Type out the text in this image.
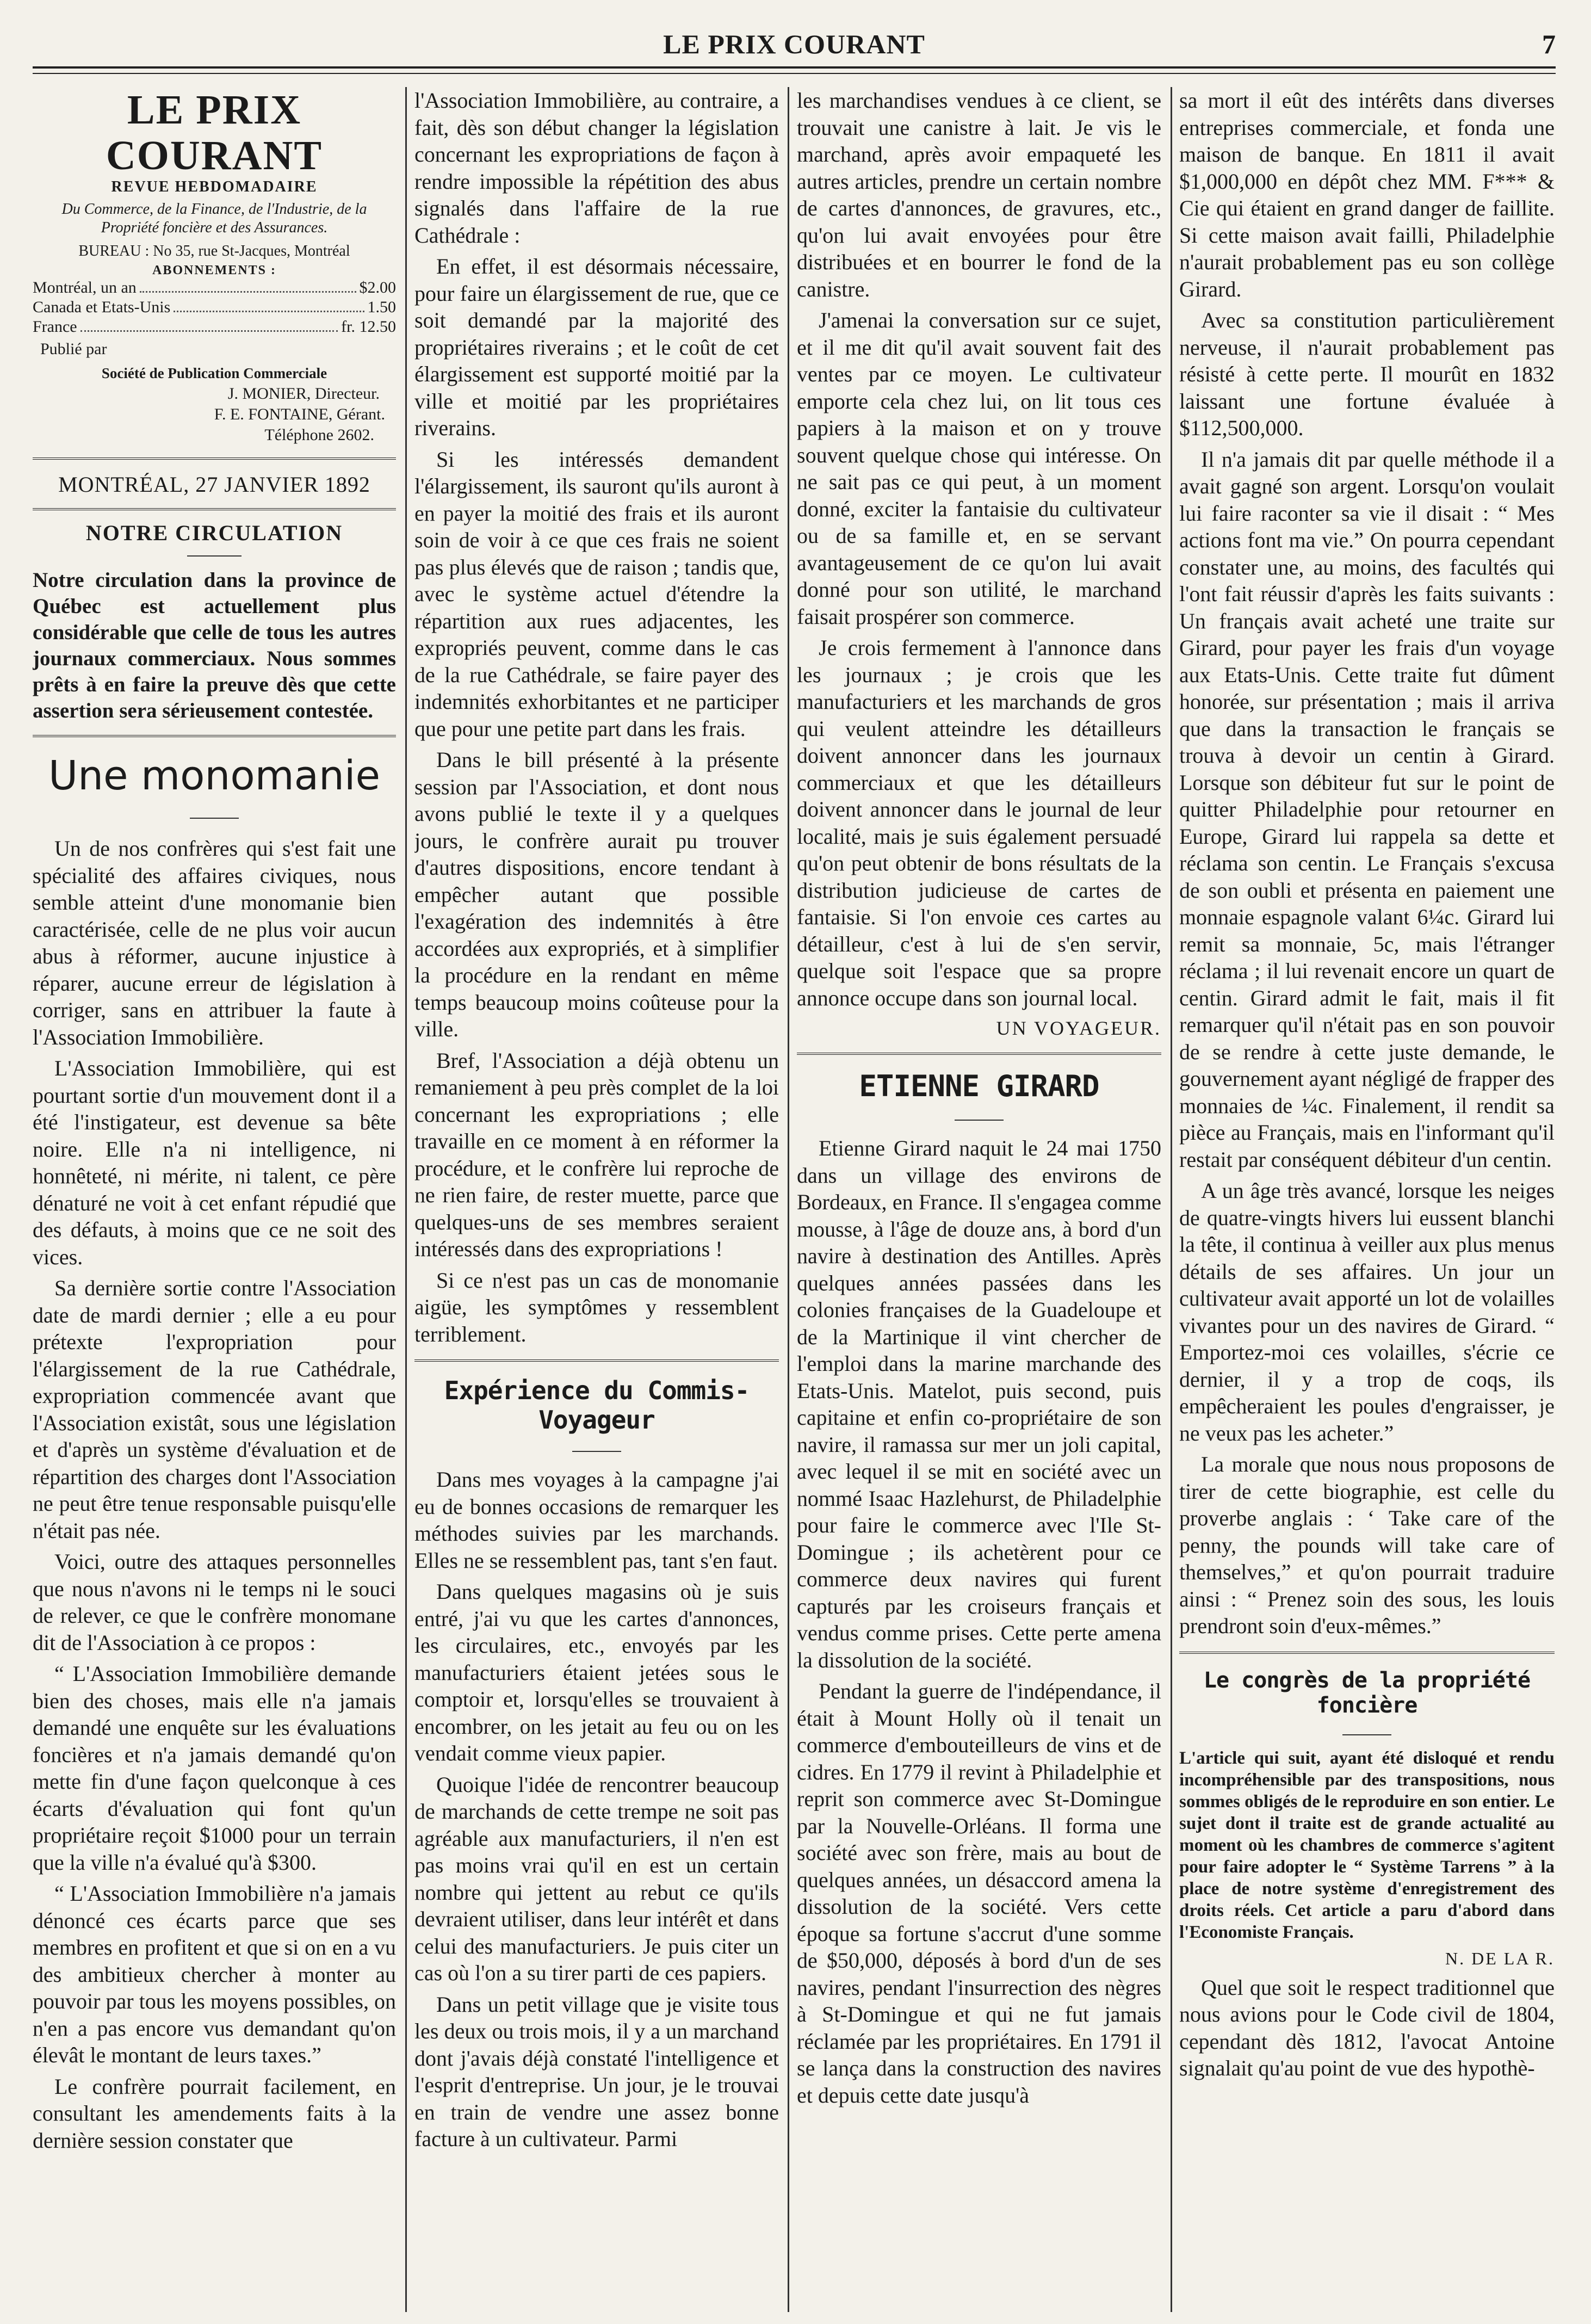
LE PRIX COURANT	7
LE PRIX COURANT
REVUE HEBDOMADAIRE
Du Commerce, de la Finance, de l'Industrie, de la Propriété foncière et des Assurances.
BUREAU : No 35, rue St-Jacques, Montréal
ABONNEMENTS :
Montréal, un an	$2.00
Canada et Etats-Unis	1.50
France	fr. 12.50
Publié par
Société de Publication Commerciale
J. MONIER, Directeur.
F. E. FONTAINE, Gérant.
Téléphone 2602.
MONTRÉAL, 27 JANVIER 1892
NOTRE CIRCULATION
Notre circulation dans la province de Québec est actuellement plus considérable que celle de tous les autres journaux commerciaux. Nous sommes prêts à en faire la preuve dès que cette assertion sera sérieusement contestée.
Une monomanie

Un de nos confrères qui s'est fait une spécialité des affaires civiques, nous semble atteint d'une monomanie bien caractérisée, celle de ne plus voir aucun abus à réformer, aucune injustice à réparer, aucune erreur de législation à corriger, sans en attribuer la faute à l'Association Immobilière.

L'Association Immobilière, qui est pourtant sortie d'un mouvement dont il a été l'instigateur, est devenue sa bête noire. Elle n'a ni intelligence, ni honnêteté, ni mérite, ni talent, ce père dénaturé ne voit à cet enfant répudié que des défauts, à moins que ce ne soit des vices.

Sa dernière sortie contre l'Association date de mardi dernier ; elle a eu pour prétexte l'expropriation pour l'élargissement de la rue Cathédrale, expropriation commencée avant que l'Association existât, sous une législation et d'après un système d'évaluation et de répartition des charges dont l'Association ne peut être tenue responsable puisqu'elle n'était pas née.

Voici, outre des attaques personnelles que nous n'avons ni le temps ni le souci de relever, ce que le confrère monomane dit de l'Association à ce propos :

“ L'Association Immobilière demande bien des choses, mais elle n'a jamais demandé une enquête sur les évaluations foncières et n'a jamais demandé qu'on mette fin d'une façon quelconque à ces écarts d'évaluation qui font qu'un propriétaire reçoit $1000 pour un terrain que la ville n'a évalué qu'à $300.

“ L'Association Immobilière n'a jamais dénoncé ces écarts parce que ses membres en profitent et que si on en a vu des ambitieux chercher à monter au pouvoir par tous les moyens possibles, on n'en a pas encore vus demandant qu'on élevât le montant de leurs taxes.”

Le confrère pourrait facilement, en consultant les amendements faits à la dernière session constater que

l'Association Immobilière, au contraire, a fait, dès son début changer la législation concernant les expropriations de façon à rendre impossible la répétition des abus signalés dans l'affaire de la rue Cathédrale :

En effet, il est désormais nécessaire, pour faire un élargissement de rue, que ce soit demandé par la majorité des propriétaires riverains ; et le coût de cet élargissement est supporté moitié par la ville et moitié par les propriétaires riverains.

Si les intéressés demandent l'élargissement, ils sauront qu'ils auront à en payer la moitié des frais et ils auront soin de voir à ce que ces frais ne soient pas plus élevés que de raison ; tandis que, avec le système actuel d'étendre la répartition aux rues adjacentes, les expropriés peuvent, comme dans le cas de la rue Cathédrale, se faire payer des indemnités exhorbitantes et ne participer que pour une petite part dans les frais.

Dans le bill présenté à la présente session par l'Association, et dont nous avons publié le texte il y a quelques jours, le confrère aurait pu trouver d'autres dispositions, encore tendant à empêcher autant que possible l'exagération des indemnités à être accordées aux expropriés, et à simplifier la procédure en la rendant en même temps beaucoup moins coûteuse pour la ville.

Bref, l'Association a déjà obtenu un remaniement à peu près complet de la loi concernant les expropriations ; elle travaille en ce moment à en réformer la procédure, et le confrère lui reproche de ne rien faire, de rester muette, parce que quelques-uns de ses membres seraient intéressés dans des expropriations !

Si ce n'est pas un cas de monomanie aigüe, les symptômes y ressemblent terriblement.

Expérience du Commis-Voyageur

Dans mes voyages à la campagne j'ai eu de bonnes occasions de remarquer les méthodes suivies par les marchands. Elles ne se ressemblent pas, tant s'en faut.

Dans quelques magasins où je suis entré, j'ai vu que les cartes d'annonces, les circulaires, etc., envoyés par les manufacturiers étaient jetées sous le comptoir et, lorsqu'elles se trouvaient à encombrer, on les jetait au feu ou on les vendait comme vieux papier.

Quoique l'idée de rencontrer beaucoup de marchands de cette trempe ne soit pas agréable aux manufacturiers, il n'en est pas moins vrai qu'il en est un certain nombre qui jettent au rebut ce qu'ils devraient utiliser, dans leur intérêt et dans celui des manufacturiers. Je puis citer un cas où l'on a su tirer parti de ces papiers.

Dans un petit village que je visite tous les deux ou trois mois, il y a un marchand dont j'avais déjà constaté l'intelligence et l'esprit d'entreprise. Un jour, je le trouvai en train de vendre une assez bonne facture à un cultivateur. Parmi

les marchandises vendues à ce client, se trouvait une canistre à lait. Je vis le marchand, après avoir empaqueté les autres articles, prendre un certain nombre de cartes d'annonces, de gravures, etc., qu'on lui avait envoyées pour être distribuées et en bourrer le fond de la canistre.

J'amenai la conversation sur ce sujet, et il me dit qu'il avait souvent fait des ventes par ce moyen. Le cultivateur emporte cela chez lui, on lit tous ces papiers à la maison et on y trouve souvent quelque chose qui intéresse. On ne sait pas ce qui peut, à un moment donné, exciter la fantaisie du cultivateur ou de sa famille et, en se servant avantageusement de ce qu'on lui avait donné pour son utilité, le marchand faisait prospérer son commerce.

Je crois fermement à l'annonce dans les journaux ; je crois que les manufacturiers et les marchands de gros qui veulent atteindre les détailleurs doivent annoncer dans les journaux commerciaux et que les détailleurs doivent annoncer dans le journal de leur localité, mais je suis également persuadé qu'on peut obtenir de bons résultats de la distribution judicieuse de cartes de fantaisie. Si l'on envoie ces cartes au détailleur, c'est à lui de s'en servir, quelque soit l'espace que sa propre annonce occupe dans son journal local.

UN VOYAGEUR.
ETIENNE GIRARD

Etienne Girard naquit le 24 mai 1750 dans un village des environs de Bordeaux, en France. Il s'engagea comme mousse, à l'âge de douze ans, à bord d'un navire à destination des Antilles. Après quelques années passées dans les colonies françaises de la Guadeloupe et de la Martinique il vint chercher de l'emploi dans la marine marchande des Etats-Unis. Matelot, puis second, puis capitaine et enfin co-propriétaire de son navire, il ramassa sur mer un joli capital, avec lequel il se mit en société avec un nommé Isaac Hazlehurst, de Philadelphie pour faire le commerce avec l'Ile St-Domingue ; ils achetèrent pour ce commerce deux navires qui furent capturés par les croiseurs français et vendus comme prises. Cette perte amena la dissolution de la société.

Pendant la guerre de l'indépendance, il était à Mount Holly où il tenait un commerce d'embouteilleurs de vins et de cidres. En 1779 il revint à Philadelphie et reprit son commerce avec St-Domingue par la Nouvelle-Orléans. Il forma une société avec son frère, mais au bout de quelques années, un désaccord amena la dissolution de la société. Vers cette époque sa fortune s'accrut d'une somme de $50,000, déposés à bord d'un de ses navires, pendant l'insurrection des nègres à St-Domingue et qui ne fut jamais réclamée par les propriétaires. En 1791 il se lança dans la construction des navires et depuis cette date jusqu'à

sa mort il eût des intérêts dans diverses entreprises commerciale, et fonda une maison de banque. En 1811 il avait $1,000,000 en dépôt chez MM. F*** & Cie qui étaient en grand danger de faillite. Si cette maison avait failli, Philadelphie n'aurait probablement pas eu son collège Girard.

Avec sa constitution particulièrement nerveuse, il n'aurait probablement pas résisté à cette perte. Il mourût en 1832 laissant une fortune évaluée à $112,500,000.

Il n'a jamais dit par quelle méthode il a avait gagné son argent. Lorsqu'on voulait lui faire raconter sa vie il disait : “ Mes actions font ma vie.” On pourra cependant constater une, au moins, des facultés qui l'ont fait réussir d'après les faits suivants : Un français avait acheté une traite sur Girard, pour payer les frais d'un voyage aux Etats-Unis. Cette traite fut dûment honorée, sur présentation ; mais il arriva que dans la transaction le français se trouva à devoir un centin à Girard. Lorsque son débiteur fut sur le point de quitter Philadelphie pour retourner en Europe, Girard lui rappela sa dette et réclama son centin. Le Français s'excusa de son oubli et présenta en paiement une monnaie espagnole valant 6¼c. Girard lui remit sa monnaie, 5c, mais l'étranger réclama ; il lui revenait encore un quart de centin. Girard admit le fait, mais il fit remarquer qu'il n'était pas en son pouvoir de se rendre à cette juste demande, le gouvernement ayant négligé de frapper des monnaies de ¼c. Finalement, il rendit sa pièce au Français, mais en l'informant qu'il restait par conséquent débiteur d'un centin.

A un âge très avancé, lorsque les neiges de quatre-vingts hivers lui eussent blanchi la tête, il continua à veiller aux plus menus détails de ses affaires. Un jour un cultivateur avait apporté un lot de volailles vivantes pour un des navires de Girard. “ Emportez-moi ces volailles, s'écrie ce dernier, il y a trop de coqs, ils empêcheraient les poules d'engraisser, je ne veux pas les acheter.”

La morale que nous nous proposons de tirer de cette biographie, est celle du proverbe anglais : ‘ Take care of the penny, the pounds will take care of themselves,” et qu'on pourrait traduire ainsi : “ Prenez soin des sous, les louis prendront soin d'eux-mêmes.”

Le congrès de la propriété foncière
L'article qui suit, ayant été disloqué et rendu incompréhensible par des transpositions, nous sommes obligés de le reproduire en son entier. Le sujet dont il traite est de grande actualité au moment où les chambres de commerce s'agitent pour faire adopter le “ Système Tarrens ” à la place de notre système d'enregistrement des droits réels. Cet article a paru d'abord dans l'Economiste Français.
N. DE LA R.

Quel que soit le respect traditionnel que nous avions pour le Code civil de 1804, cependant dès 1812, l'avocat Antoine signalait qu'au point de vue des hypothè-
